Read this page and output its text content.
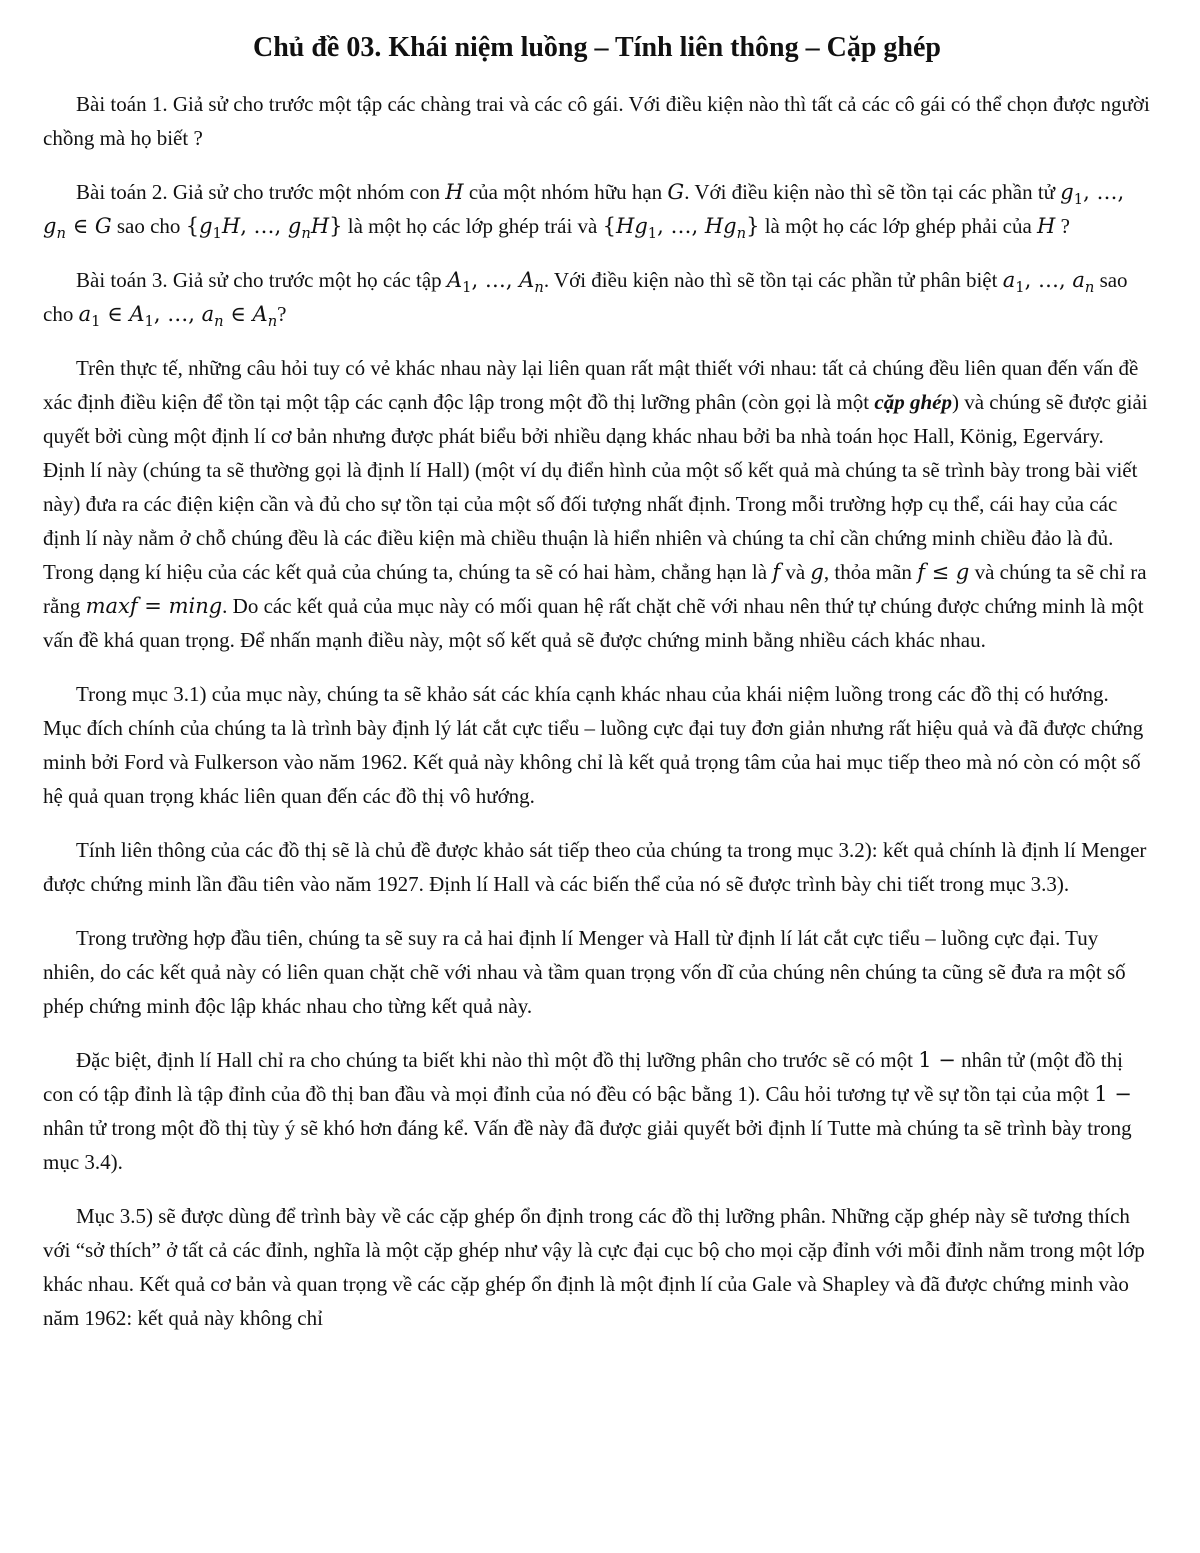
Chủ đề 03. Khái niệm luồng – Tính liên thông – Cặp ghép

Bài toán 1. Giả sử cho trước một tập các chàng trai và các cô gái. Với điều kiện nào thì tất cả các cô gái có thể chọn được người chồng mà họ biết ?

Bài toán 2. Giả sử cho trước một nhóm con H của một nhóm hữu hạn G. Với điều kiện nào thì sẽ tồn tại các phần tử $g_1$, …, $g_n$ ∈ G sao cho {$g_1H$, …, $g_nH$} là một họ các lớp ghép trái và {$Hg_1$, …, $Hg_n$} là một họ các lớp ghép phải của H ?

Bài toán 3. Giả sử cho trước một họ các tập $A_1$, …, $A_n$. Với điều kiện nào thì sẽ tồn tại các phần tử phân biệt $a_1$, …, $a_n$ sao cho $a_1$ ∈ $A_1$, …, $a_n$ ∈ $A_n$?

Trên thực tế, những câu hỏi tuy có vẻ khác nhau này lại liên quan rất mật thiết với nhau: tất cả chúng đều liên quan đến vấn đề xác định điều kiện để tồn tại một tập các cạnh độc lập trong một đồ thị lưỡng phân (còn gọi là một cặp ghép) và chúng sẽ được giải quyết bởi cùng một định lí cơ bản nhưng được phát biểu bởi nhiều dạng khác nhau bởi ba nhà toán học Hall, König, Egerváry. Định lí này (chúng ta sẽ thường gọi là định lí Hall) (một ví dụ điển hình của một số kết quả mà chúng ta sẽ trình bày trong bài viết này) đưa ra các điện kiện cần và đủ cho sự tồn tại của một số đối tượng nhất định. Trong mỗi trường hợp cụ thể, cái hay của các định lí này nằm ở chỗ chúng đều là các điều kiện mà chiều thuận là hiển nhiên và chúng ta chỉ cần chứng minh chiều đảo là đủ. Trong dạng kí hiệu của các kết quả của chúng ta, chúng ta sẽ có hai hàm, chẳng hạn là f và g, thỏa mãn f ≤ g và chúng ta sẽ chỉ ra rằng maxf = ming. Do các kết quả của mục này có mối quan hệ rất chặt chẽ với nhau nên thứ tự chúng được chứng minh là một vấn đề khá quan trọng. Để nhấn mạnh điều này, một số kết quả sẽ được chứng minh bằng nhiều cách khác nhau.

Trong mục 3.1) của mục này, chúng ta sẽ khảo sát các khía cạnh khác nhau của khái niệm luồng trong các đồ thị có hướng. Mục đích chính của chúng ta là trình bày định lý lát cắt cực tiểu – luồng cực đại tuy đơn giản nhưng rất hiệu quả và đã được chứng minh bởi Ford và Fulkerson vào năm 1962. Kết quả này không chỉ là kết quả trọng tâm của hai mục tiếp theo mà nó còn có một số hệ quả quan trọng khác liên quan đến các đồ thị vô hướng.

Tính liên thông của các đồ thị sẽ là chủ đề được khảo sát tiếp theo của chúng ta trong mục 3.2): kết quả chính là định lí Menger được chứng minh lần đầu tiên vào năm 1927. Định lí Hall và các biến thể của nó sẽ được trình bày chi tiết trong mục 3.3).

Trong trường hợp đầu tiên, chúng ta sẽ suy ra cả hai định lí Menger và Hall từ định lí lát cắt cực tiểu – luồng cực đại. Tuy nhiên, do các kết quả này có liên quan chặt chẽ với nhau và tầm quan trọng vốn dĩ của chúng nên chúng ta cũng sẽ đưa ra một số phép chứng minh độc lập khác nhau cho từng kết quả này.

Đặc biệt, định lí Hall chỉ ra cho chúng ta biết khi nào thì một đồ thị lưỡng phân cho trước sẽ có một 1 − nhân tử (một đồ thị con có tập đỉnh là tập đỉnh của đồ thị ban đầu và mọi đỉnh của nó đều có bậc bằng 1). Câu hỏi tương tự về sự tồn tại của một 1 − nhân tử trong một đồ thị tùy ý sẽ khó hơn đáng kể. Vấn đề này đã được giải quyết bởi định lí Tutte mà chúng ta sẽ trình bày trong mục 3.4).

Mục 3.5) sẽ được dùng để trình bày về các cặp ghép ổn định trong các đồ thị lưỡng phân. Những cặp ghép này sẽ tương thích với “sở thích” ở tất cả các đỉnh, nghĩa là một cặp ghép như vậy là cực đại cục bộ cho mọi cặp đỉnh với mỗi đỉnh nằm trong một lớp khác nhau. Kết quả cơ bản và quan trọng về các cặp ghép ổn định là một định lí của Gale và Shapley và đã được chứng minh vào năm 1962: kết quả này không chỉ
